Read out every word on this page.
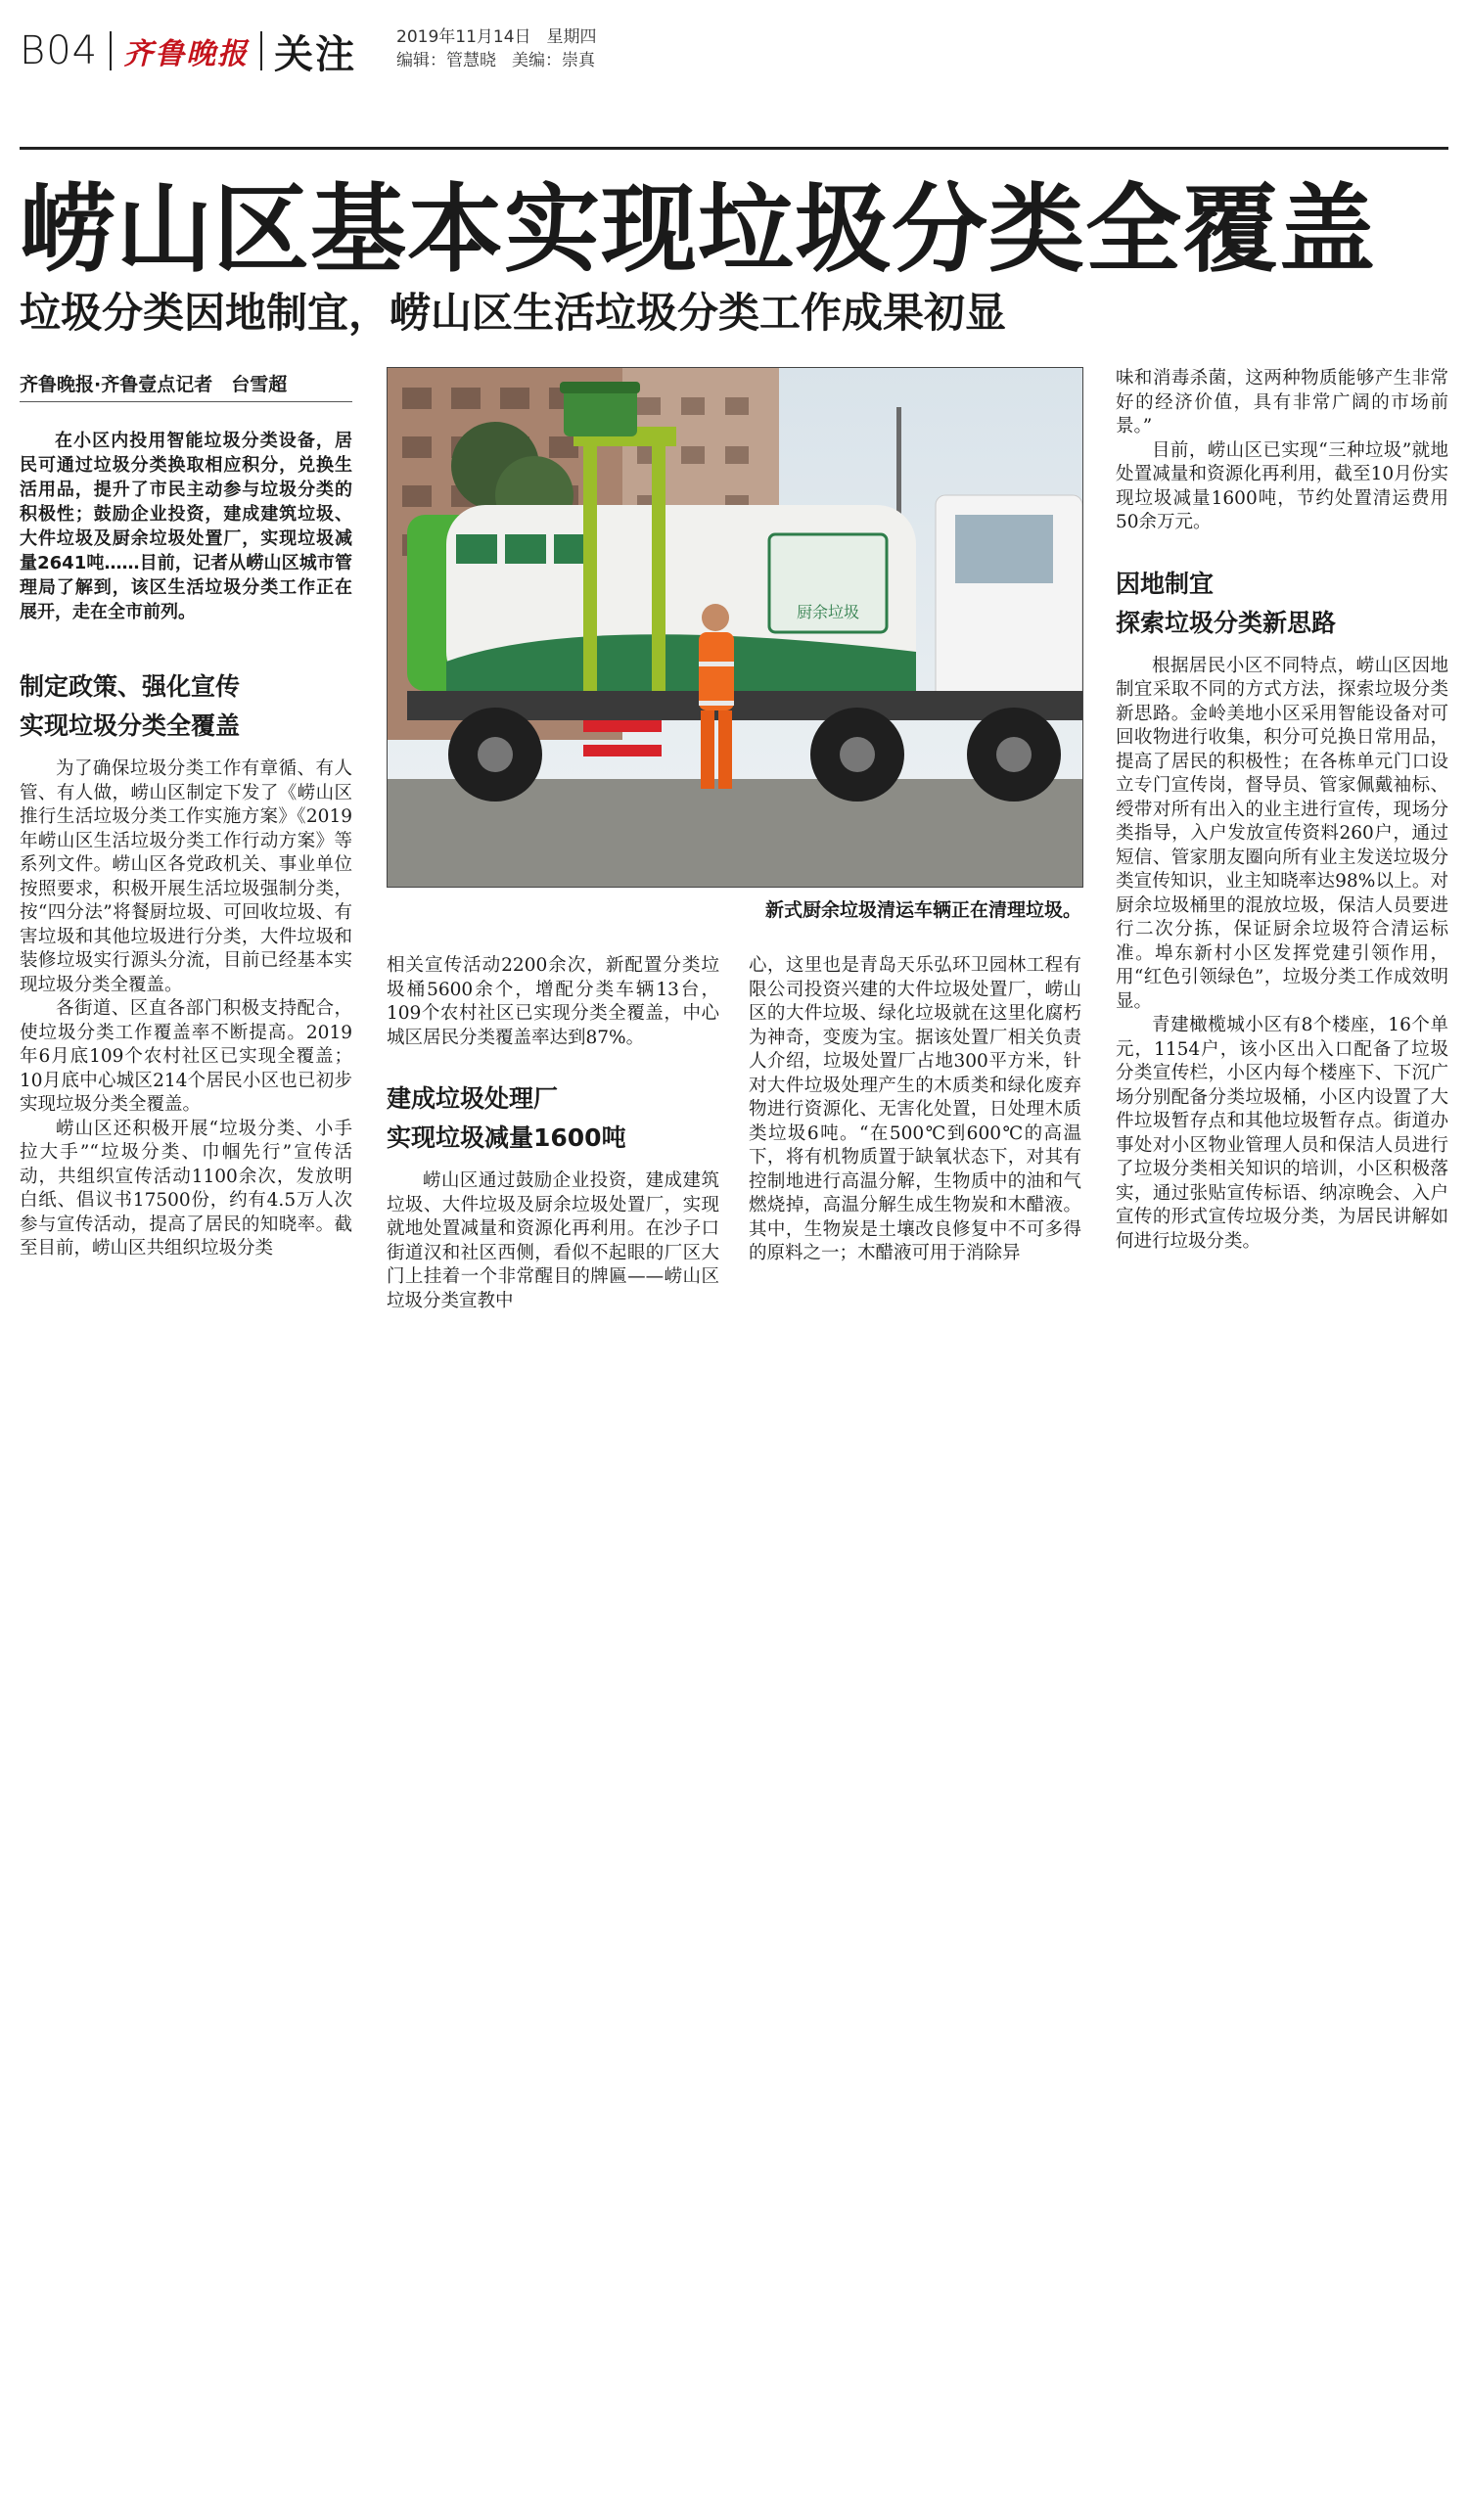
B04 齐鲁晚报 关注 2019年11月14日 星期四
编辑：管慧晓 美编：崇真
崂山区基本实现垃圾分类全覆盖
垃圾分类因地制宜，崂山区生活垃圾分类工作成果初显
齐鲁晚报·齐鲁壹点记者　台雪超
在小区内投用智能垃圾分类设备，居民可通过垃圾分类换取相应积分，兑换生活用品，提升了市民主动参与垃圾分类的积极性；鼓励企业投资，建成建筑垃圾、大件垃圾及厨余垃圾处置厂，实现垃圾减量2641吨……目前，记者从崂山区城市管理局了解到，该区生活垃圾分类工作正在展开，走在全市前列。	厨余垃圾
新式厨余垃圾清运车辆正在清理垃圾。
制定政策、强化宣传
实现垃圾分类全覆盖

为了确保垃圾分类工作有章循、有人管、有人做，崂山区制定下发了《崂山区推行生活垃圾分类工作实施方案》《2019年崂山区生活垃圾分类工作行动方案》等系列文件。崂山区各党政机关、事业单位按照要求，积极开展生活垃圾强制分类，按“四分法”将餐厨垃圾、可回收垃圾、有害垃圾和其他垃圾进行分类，大件垃圾和装修垃圾实行源头分流，目前已经基本实现垃圾分类全覆盖。

各街道、区直各部门积极支持配合，使垃圾分类工作覆盖率不断提高。2019年6月底109个农村社区已实现全覆盖；10月底中心城区214个居民小区也已初步实现垃圾分类全覆盖。

崂山区还积极开展“垃圾分类、小手拉大手”“垃圾分类、巾帼先行”宣传活动，共组织宣传活动1100余次，发放明白纸、倡议书17500份，约有4.5万人次参与宣传活动，提高了居民的知晓率。截至目前，崂山区共组织垃圾分类

相关宣传活动2200余次，新配置分类垃圾桶5600余个，增配分类车辆13台，109个农村社区已实现分类全覆盖，中心城区居民分类覆盖率达到87%。

建成垃圾处理厂
实现垃圾减量1600吨

崂山区通过鼓励企业投资，建成建筑垃圾、大件垃圾及厨余垃圾处置厂，实现就地处置减量和资源化再利用。在沙子口街道汉和社区西侧，看似不起眼的厂区大门上挂着一个非常醒目的牌匾——崂山区垃圾分类宣教中

心，这里也是青岛天乐弘环卫园林工程有限公司投资兴建的大件垃圾处置厂，崂山区的大件垃圾、绿化垃圾就在这里化腐朽为神奇，变废为宝。据该处置厂相关负责人介绍，垃圾处置厂占地300平方米，针对大件垃圾处理产生的木质类和绿化废弃物进行资源化、无害化处置，日处理木质类垃圾6吨。“在500℃到600℃的高温下，将有机物质置于缺氧状态下，对其有控制地进行高温分解，生物质中的油和气燃烧掉，高温分解生成生物炭和木醋液。其中，生物炭是土壤改良修复中不可多得的原料之一；木醋液可用于消除异

味和消毒杀菌，这两种物质能够产生非常好的经济价值，具有非常广阔的市场前景。”

目前，崂山区已实现“三种垃圾”就地处置减量和资源化再利用，截至10月份实现垃圾减量1600吨，节约处置清运费用50余万元。

因地制宜
探索垃圾分类新思路

根据居民小区不同特点，崂山区因地制宜采取不同的方式方法，探索垃圾分类新思路。金岭美地小区采用智能设备对可回收物进行收集，积分可兑换日常用品，提高了居民的积极性；在各栋单元门口设立专门宣传岗，督导员、管家佩戴袖标、绶带对所有出入的业主进行宣传，现场分类指导，入户发放宣传资料260户，通过短信、管家朋友圈向所有业主发送垃圾分类宣传知识，业主知晓率达98%以上。对厨余垃圾桶里的混放垃圾，保洁人员要进行二次分拣，保证厨余垃圾符合清运标准。埠东新村小区发挥党建引领作用，用“红色引领绿色”，垃圾分类工作成效明显。

青建橄榄城小区有8个楼座，16个单元，1154户，该小区出入口配备了垃圾分类宣传栏，小区内每个楼座下、下沉广场分别配备分类垃圾桶，小区内设置了大件垃圾暂存点和其他垃圾暂存点。街道办事处对小区物业管理人员和保洁人员进行了垃圾分类相关知识的培训，小区积极落实，通过张贴宣传标语、纳凉晚会、入户宣传的形式宣传垃圾分类，为居民讲解如何进行垃圾分类。
